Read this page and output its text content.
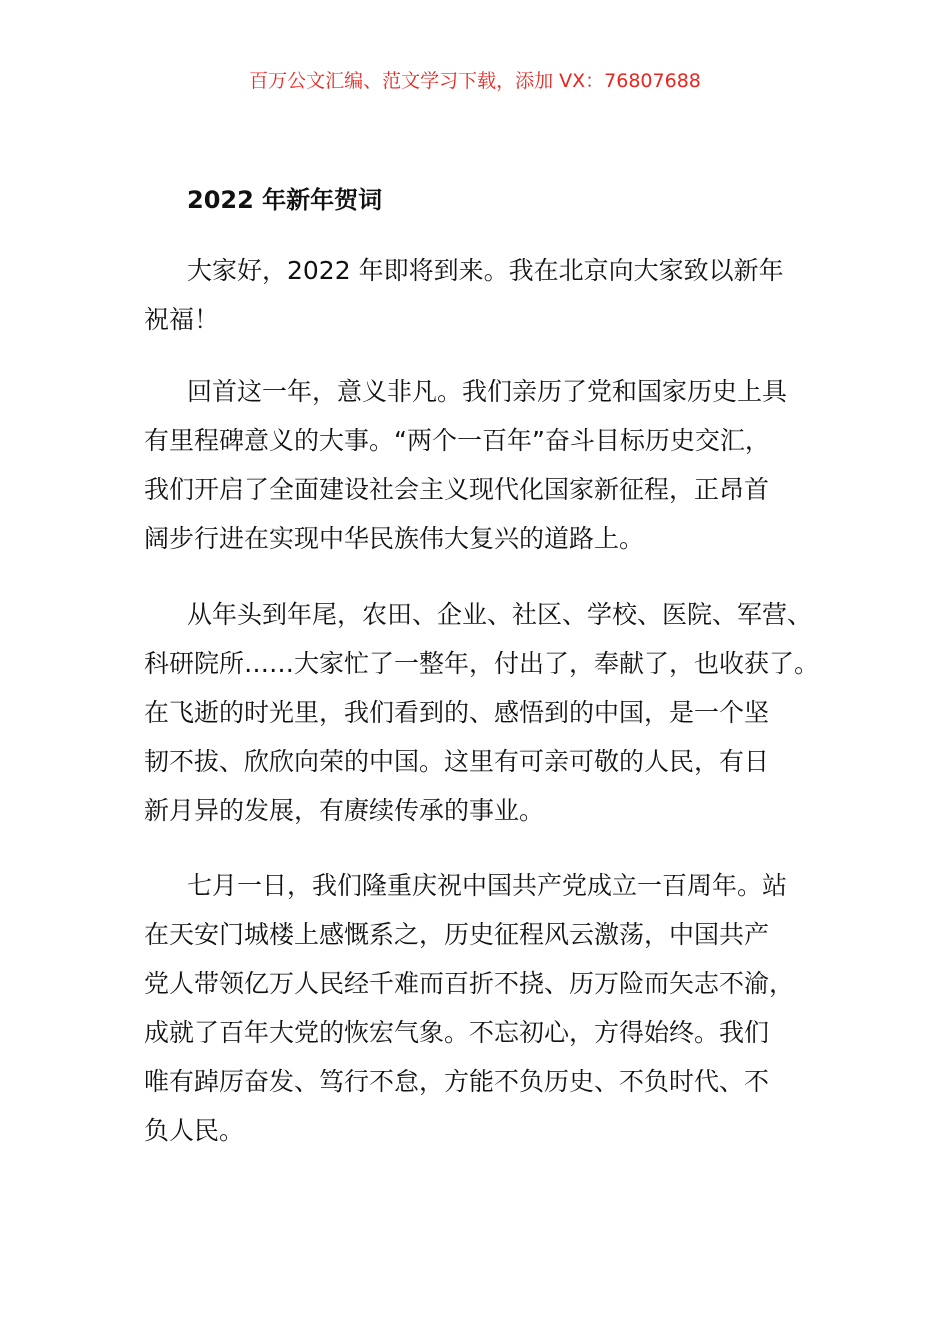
百万公文汇编、范文学习下载，添加 VX：76807688
2022 年新年贺词
大家好，2022 年即将到来。我在北京向大家致以新年
祝福！
回首这一年，意义非凡。我们亲历了党和国家历史上具
有里程碑意义的大事。“两个一百年”奋斗目标历史交汇，
我们开启了全面建设社会主义现代化国家新征程，正昂首
阔步行进在实现中华民族伟大复兴的道路上。
从年头到年尾，农田、企业、社区、学校、医院、军营、
科研院所……大家忙了一整年，付出了，奉献了，也收获了。
在飞逝的时光里，我们看到的、感悟到的中国，是一个坚
韧不拔、欣欣向荣的中国。这里有可亲可敬的人民，有日
新月异的发展，有赓续传承的事业。
七月一日，我们隆重庆祝中国共产党成立一百周年。站
在天安门城楼上感慨系之，历史征程风云激荡，中国共产
党人带领亿万人民经千难而百折不挠、历万险而矢志不渝，
成就了百年大党的恢宏气象。不忘初心，方得始终。我们
唯有踔厉奋发、笃行不怠，方能不负历史、不负时代、不
负人民。
